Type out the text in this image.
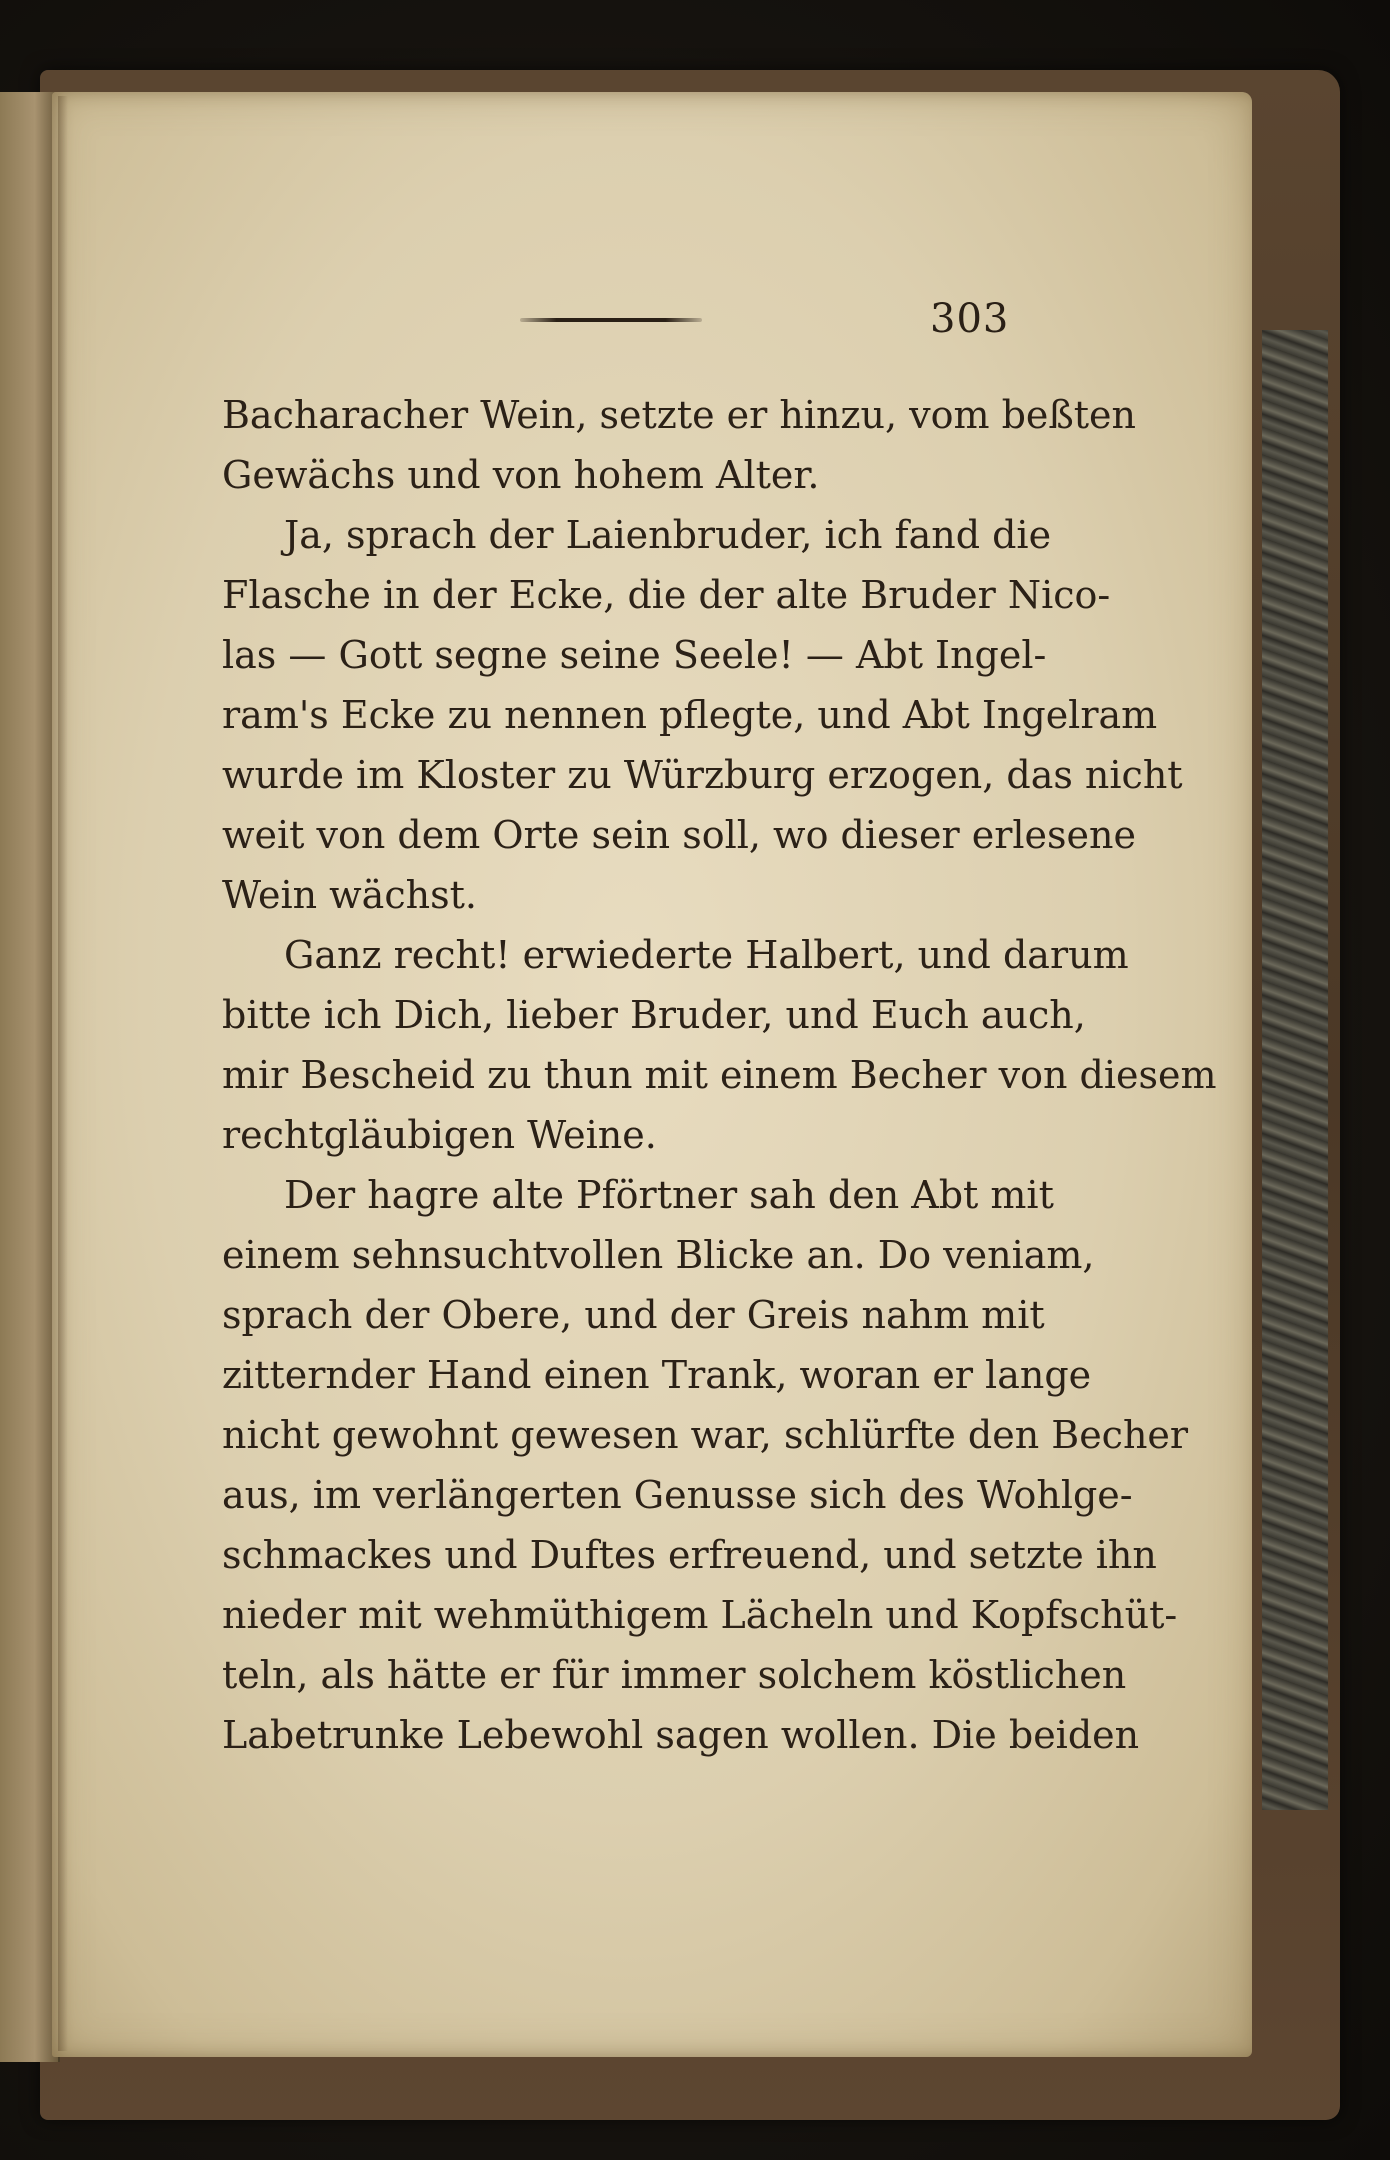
303
Bacharacher Wein, setzte er hinzu, vom beßten
Gewächs und von hohem Alter.
Ja, sprach der Laienbruder, ich fand die
Flasche in der Ecke, die der alte Bruder Nico-
las — Gott segne seine Seele! — Abt Ingel-
ram's Ecke zu nennen pflegte, und Abt Ingelram
wurde im Kloster zu Würzburg erzogen, das nicht
weit von dem Orte sein soll, wo dieser erlesene
Wein wächst.
Ganz recht! erwiederte Halbert, und darum
bitte ich Dich, lieber Bruder, und Euch auch,
mir Bescheid zu thun mit einem Becher von diesem
rechtgläubigen Weine.
Der hagre alte Pförtner sah den Abt mit
einem sehnsuchtvollen Blicke an. Do veniam,
sprach der Obere, und der Greis nahm mit
zitternder Hand einen Trank, woran er lange
nicht gewohnt gewesen war, schlürfte den Becher
aus, im verlängerten Genusse sich des Wohlge-
schmackes und Duftes erfreuend, und setzte ihn
nieder mit wehmüthigem Lächeln und Kopfschüt-
teln, als hätte er für immer solchem köstlichen
Labetrunke Lebewohl sagen wollen. Die beiden
